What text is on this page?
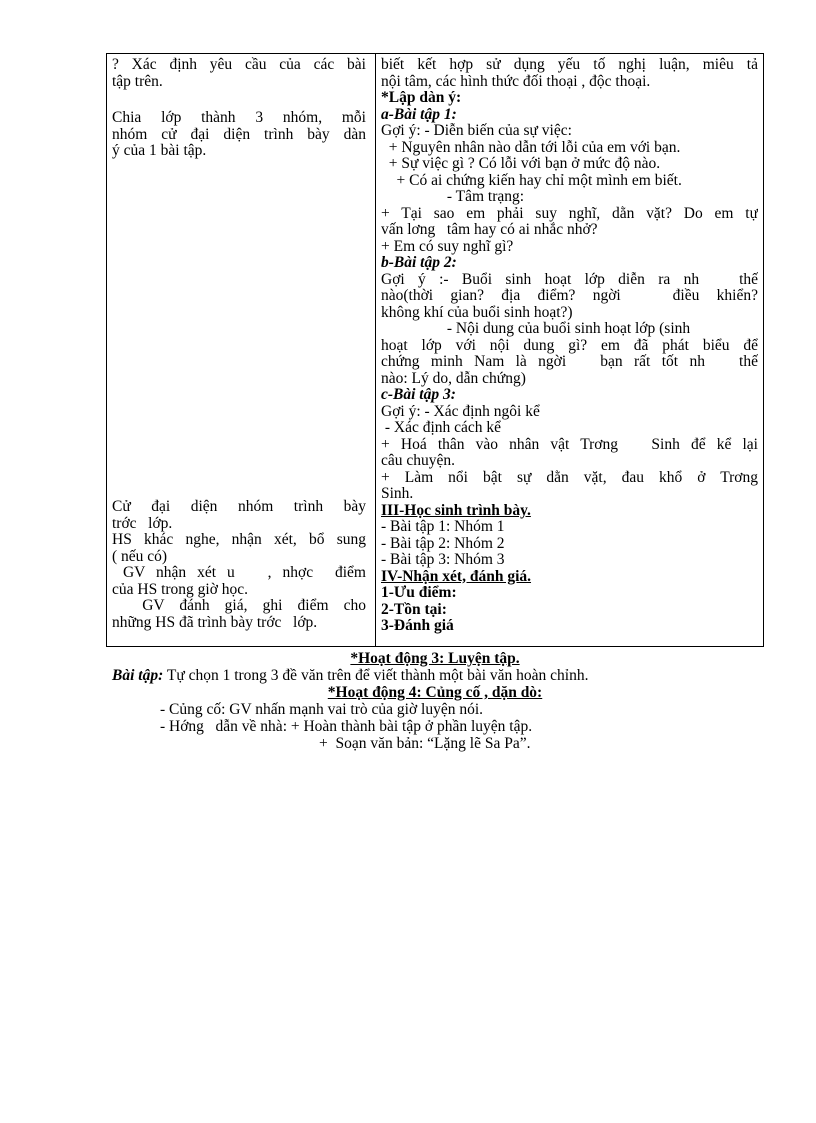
? Xác định yêu cầu của các bài
tập trên.
Chia lớp thành 3 nhóm, mỗi
nhóm cử đại diện trình bày dàn
ý của 1 bài tập.
Cử đại diện nhóm trình bày
trớc   lớp.
HS khác nghe, nhận xét, bổ sung
( nếu có)
GV nhận xét u   , nhợc  điểm
của HS trong giờ học.
GV đánh giá, ghi điểm cho
những HS đã trình bày trớc   lớp.
biết kết hợp sử dụng yếu tố nghị luận, miêu tả
nội tâm, các hình thức đối thoại , độc thoại.
*Lập dàn ý:
a-Bài tập 1:
Gợi ý: - Diễn biến của sự việc:
+ Nguyên nhân nào dẫn tới lỗi của em với bạn.
+ Sự việc gì ? Có lỗi với bạn ở mức độ nào.
+ Có ai chứng kiến hay chỉ một mình em biết.
- Tâm trạng:
+ Tại sao em phải suy nghĩ, dằn vặt? Do em tự
vấn lơng   tâm hay có ai nhắc nhở?
+ Em có suy nghĩ gì?
b-Bài tập 2:
Gợi ý :- Buổi sinh hoạt lớp diễn ra nh   thế
nào(thời gian? địa điểm? ngời   điều khiển?
không khí của buổi sinh hoạt?)
- Nội dung của buổi sinh hoạt lớp (sinh
hoạt lớp với nội dung gì? em đã phát biểu để
chứng minh Nam là ngời   bạn rất tốt nh   thế
nào: Lý do, dẫn chứng)
c-Bài tập 3:
Gợi ý: - Xác định ngôi kể
- Xác định cách kể
+ Hoá thân vào nhân vật Trơng   Sinh để kể lại
câu chuyện.
+ Làm nổi bật sự dằn vặt, đau khổ ở Trơng
Sinh.
III-Học sinh trình bày.
- Bài tập 1: Nhóm 1
- Bài tập 2: Nhóm 2
- Bài tập 3: Nhóm 3
IV-Nhận xét, đánh giá.
1-Ưu điểm:
2-Tồn tại:
3-Đánh giá
*Hoạt động 3: Luyện tập.
Bài tập: Tự chọn 1 trong 3 đề văn trên để viết thành một bài văn hoàn chỉnh.
*Hoạt động 4: Củng cố , dặn dò:
- Củng cố: GV nhấn mạnh vai trò của giờ luyện nói.
- Hớng   dẫn về nhà: + Hoàn thành bài tập ở phần luyện tập.
+  Soạn văn bản: “Lặng lẽ Sa Pa”.
